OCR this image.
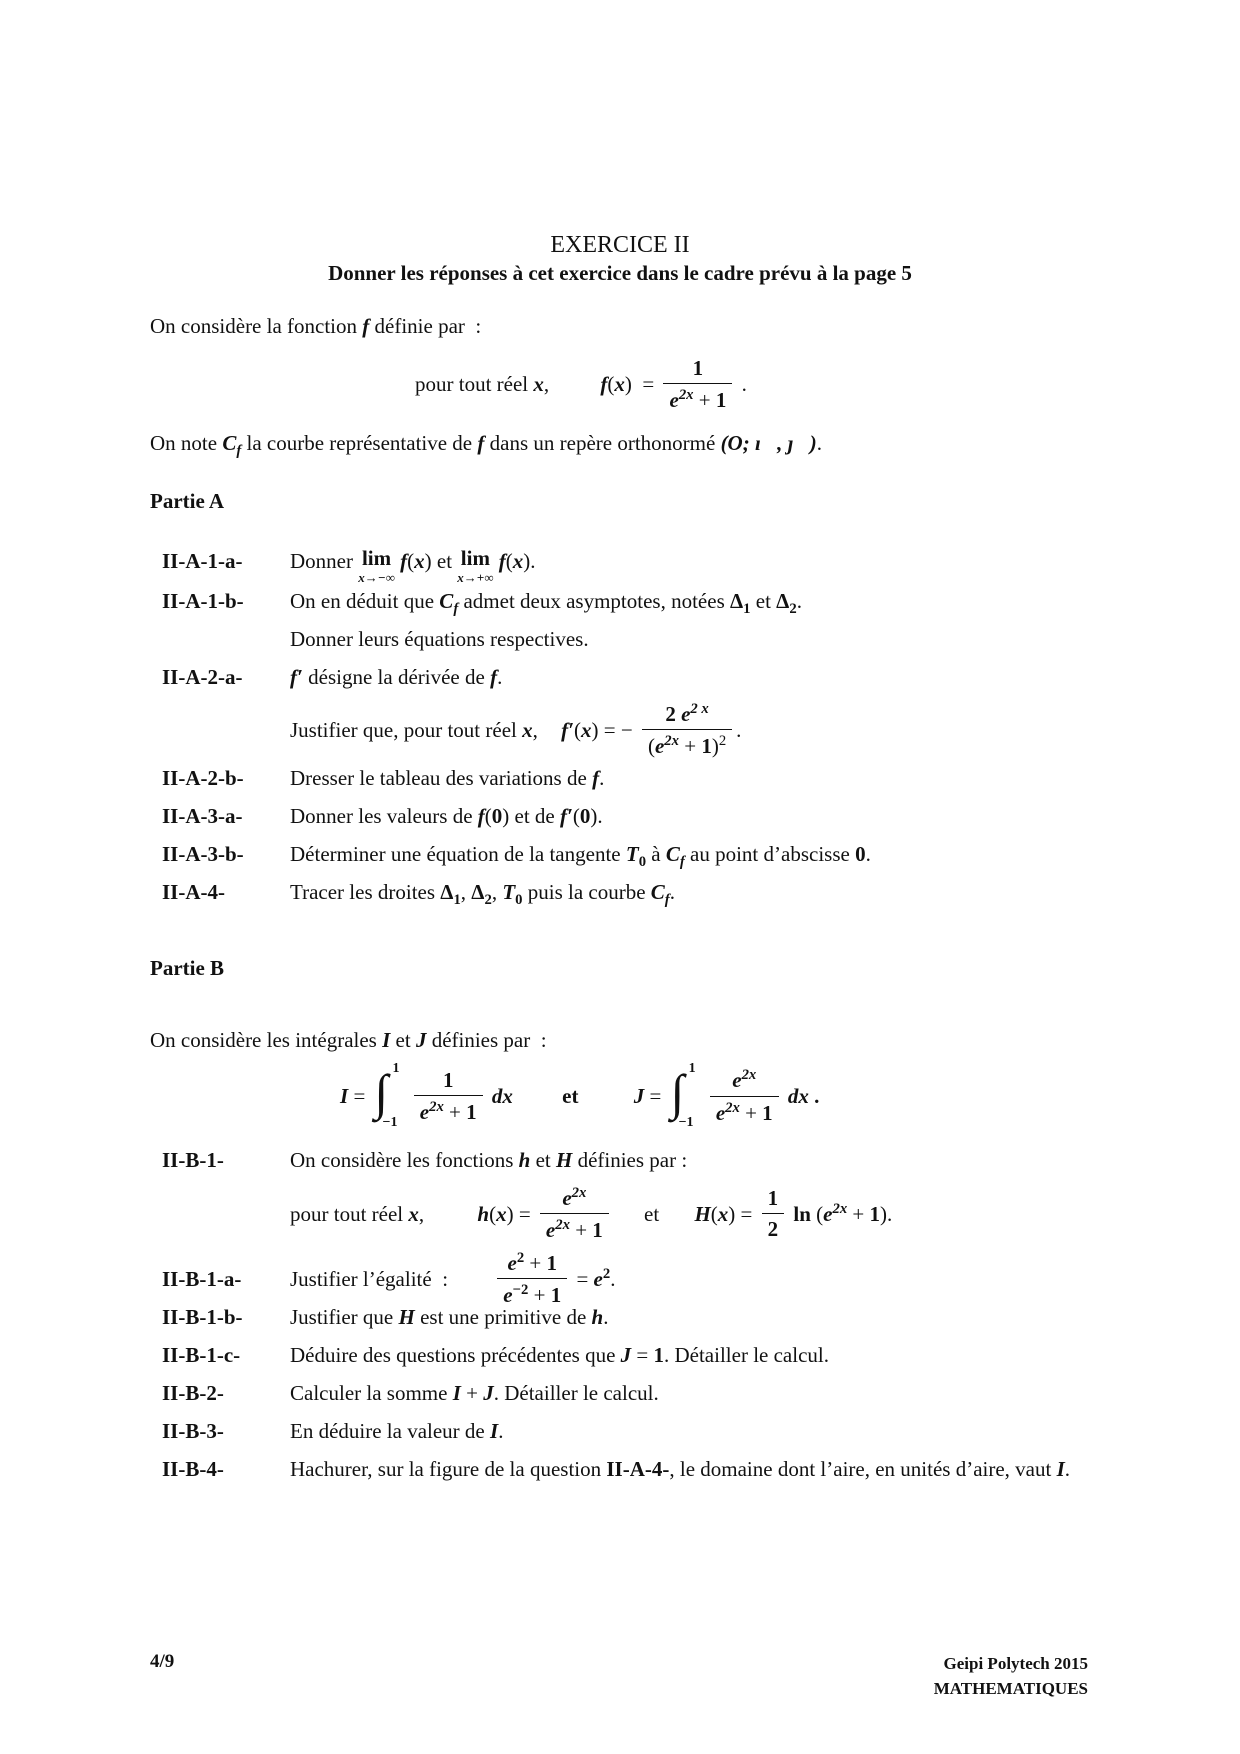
EXERCICE II
Donner les réponses à cet exercice dans le cadre prévu à la page 5
On considère la fonction f définie par  :
pour tout réel x, $f(x) = \frac{1}{e^{2x} + 1}$ .
On note $C_f$ la courbe représentative de f dans un repère orthonormé (O; ı⃗, ȷ⃗).
Partie A
II-A-1-a- Donner lim
x→−∞
f(x) et lim
x→+∞
f(x).
II-A-1-b- On en déduit que $C_f$ admet deux asymptotes, notées $\Delta_1$ et $\Delta_2$.
Donner leurs équations respectives.
II-A-2-a- f′ désigne la dérivée de f.
Justifier que, pour tout réel x, f′(x) = − $\frac{2 e^{2 x}}{(e^{2x} + 1)^2}$ .
II-A-2-b- Dresser le tableau des variations de f.
II-A-3-a- Donner les valeurs de f(0) et de f′(0).
II-A-3-b- Déterminer une équation de la tangente $T_0$ à $C_f$ au point d’abscisse 0.
II-A-4-	Tracer les droites $\Delta_1$, $\Delta_2$, $T_0$ puis la courbe $C_f$.
Partie B
On considère les intégrales I et J définies par  :
I = ∫ 1
−1
$\frac{1}{e^{2x} + 1}$ dx et	J = ∫ 1
−1
$\frac{e^{2x}}{e^{2x} + 1}$ dx .
II-B-1-	On considère les fonctions h et H définies par :
pour tout réel x,	$h(x) = \frac{e^{2x}}{e^{2x} + 1}$ et $H(x) = \frac{1}{2}$ $\ln (e^{2x} + 1)$.
II-B-1-a- Justifier l’égalité  : $\frac{e^2 + 1}{e^{-2} + 1} = e^2$.
II-B-1-b- Justifier que H est une primitive de h.
II-B-1-c- Déduire des questions précédentes que J = 1. Détailler le calcul.
II-B-2-	Calculer la somme I + J. Détailler le calcul.
II-B-3-	En déduire la valeur de I.
II-B-4-	Hachurer, sur la figure de la question II-A-4-, le domaine dont l’aire, en unités d’aire, vaut I.
4/9	Geipi Polytech 2015
MATHEMATIQUES
